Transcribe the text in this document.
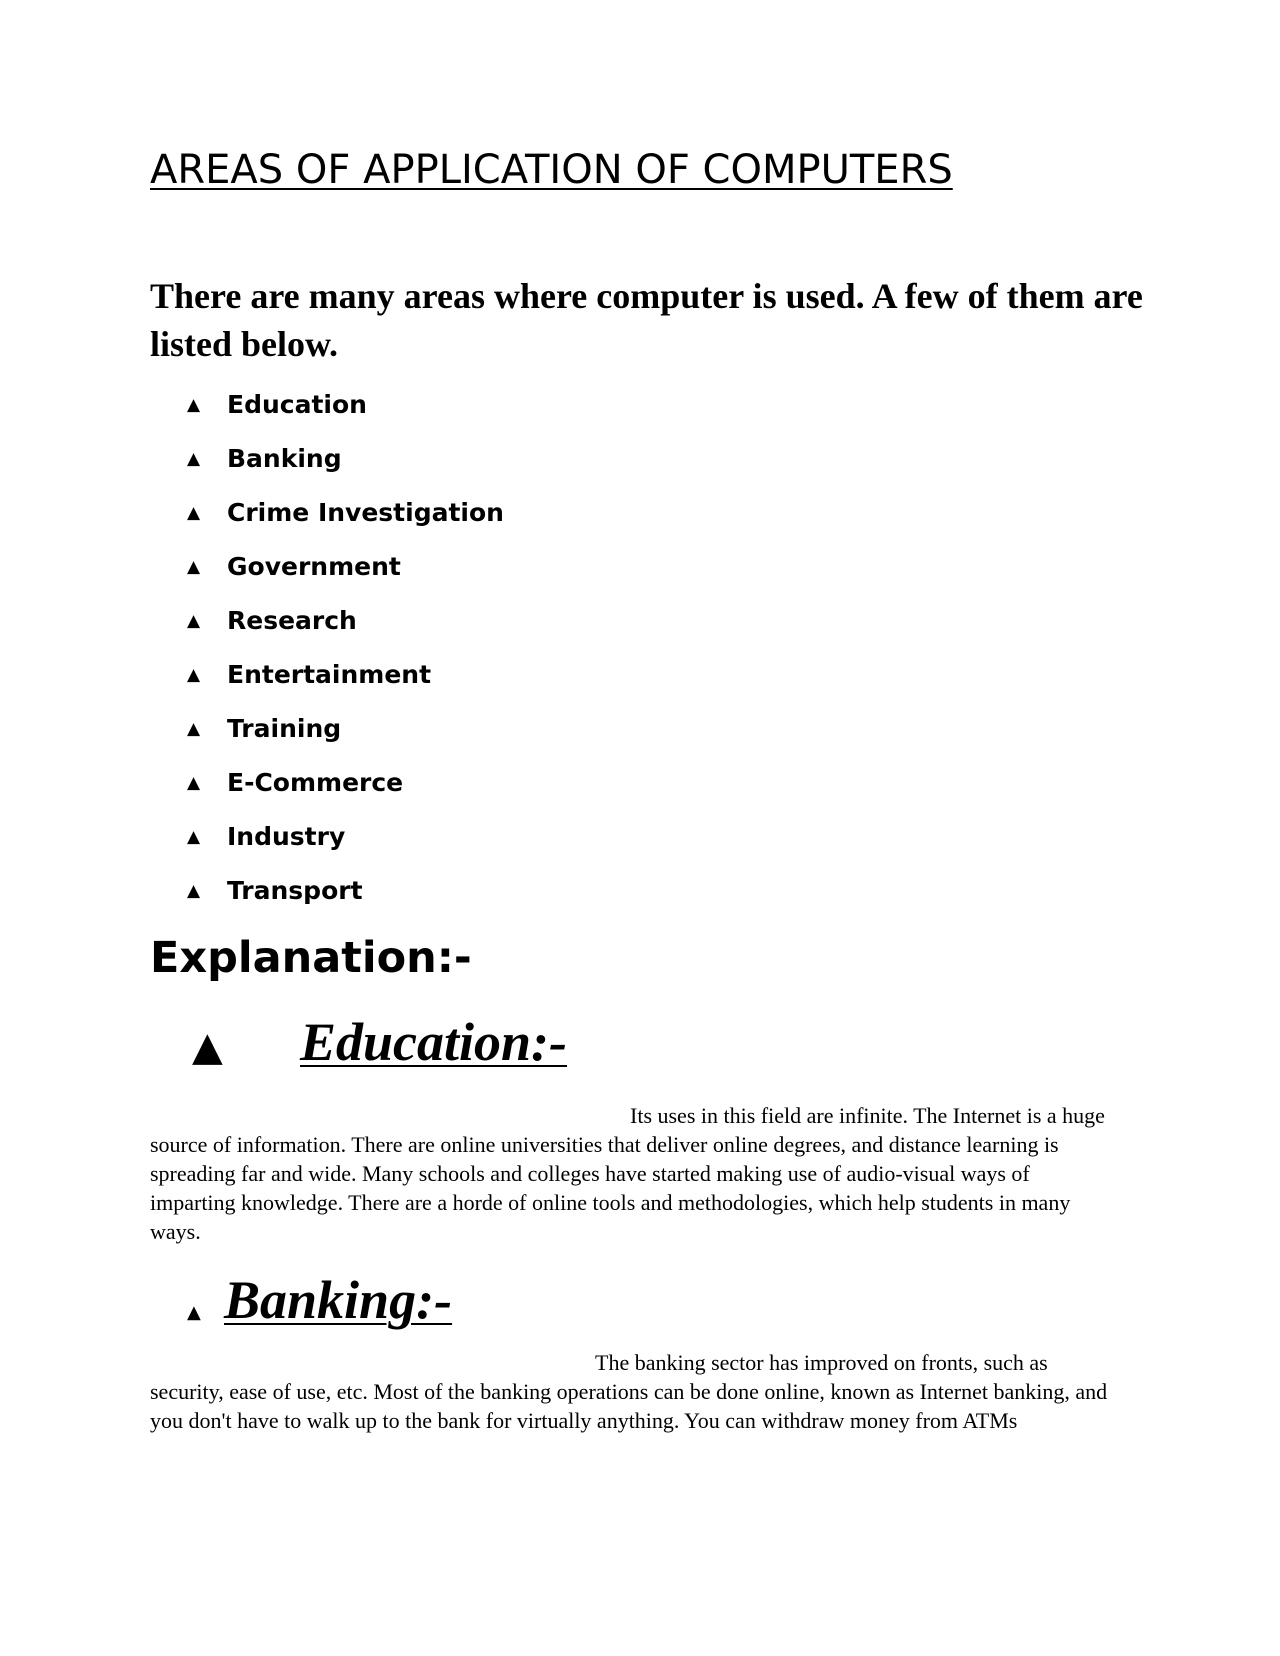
AREAS OF APPLICATION OF COMPUTERS

There are many areas where computer is used. A few of them are listed below.

▲	Education
▲	Banking
▲	Crime Investigation
▲	Government
▲	Research
▲	Entertainment
▲	Training
▲	E-Commerce
▲	Industry
▲	Transport
Explanation:-
▲	Education:-

Its uses in this field are infinite. The Internet is a huge source of information. There are online universities that deliver online degrees, and distance learning is spreading far and wide. Many schools and colleges have started making use of audio-visual ways of imparting knowledge. There are a horde of online tools and methodologies, which help students in many ways.

▲ Banking:-

The banking sector has improved on fronts, such as security, ease of use, etc. Most of the banking operations can be done online, known as Internet banking, and you don't have to walk up to the bank for virtually anything. You can withdraw money from ATMs
